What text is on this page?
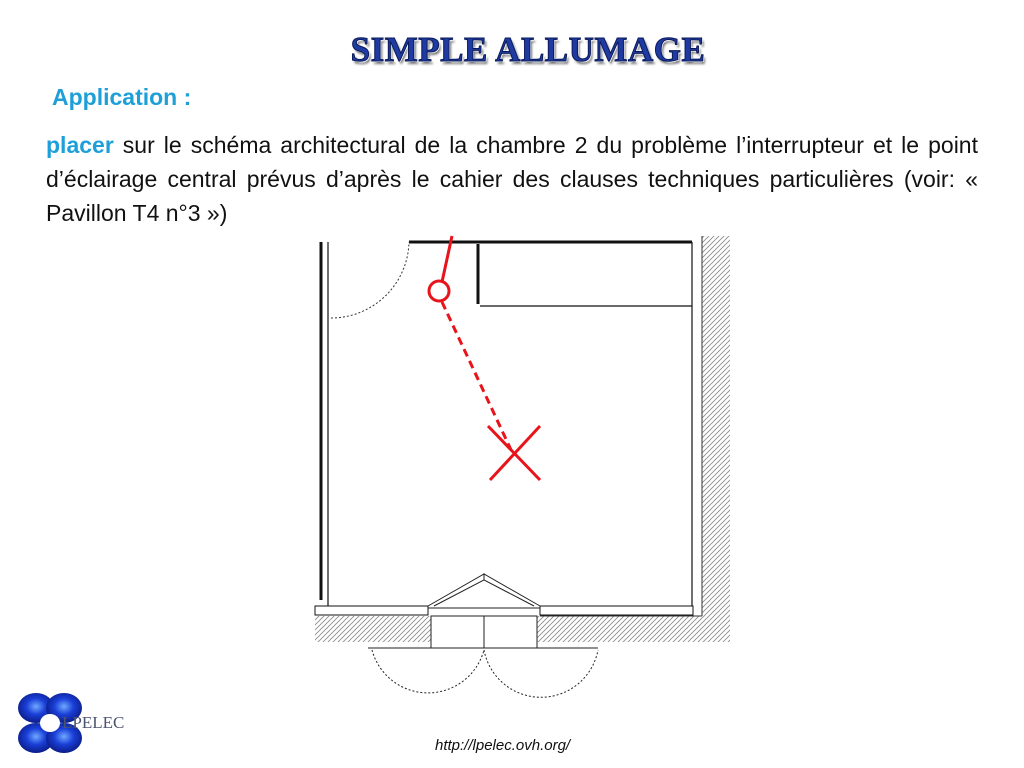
SIMPLE ALLUMAGE
Application :
placer sur le schéma architectural de la chambre 2 du problème l’interrupteur et le point d’éclairage central prévus d’après le cahier des clauses techniques particulières (voir: « Pavillon T4 n°3 »)
LPELEC
http://lpelec.ovh.org/
